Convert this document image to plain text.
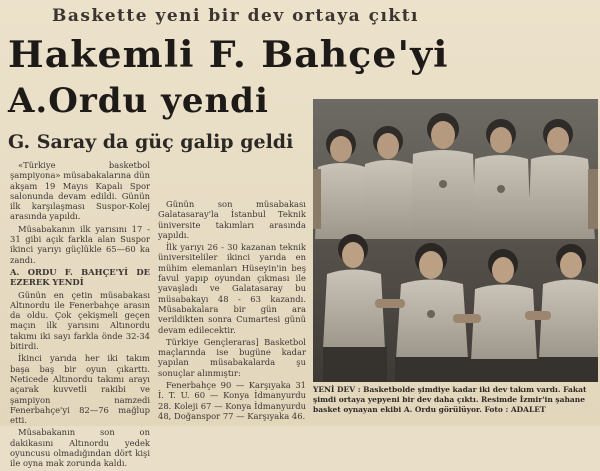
Baskette yeni bir dev ortaya çıktı
Hakemli F. Bahçe'yi
A.Ordu yendi
G. Saray da güç galip geldi

«Türkiye basketbol şampiyona» müsabakalarına dün akşam 19 Mayıs Kapalı Spor salonunda devam edildi. Günün ilk karşılaşması Suspor-Kolej arasında yapıldı.

Müsabakanın ilk yarısını 17 - 31 gibi açık farkla alan Suspor ikinci yarıyı güçlükle 65—60 ka zandı.

A. ORDU F. BAHÇE'Yİ DE EZEREK YENDİ

Günün en çetin müsabakası Altınordu ile Fenerbahçe arasın da oldu. Çok çekişmeli geçen maçın ilk yarısını Altınordu takımı iki sayı farkla önde 32-34 bitirdi.

İkinci yarıda her iki takım başa baş bir oyun çıkarttı. Neticede Altınordu takımı arayı açarak kuvvetli rakibi ve şampiyon namzedi Fenerbahçe'yi 82—76 mağlup etti.

Müsabakanın son on dakikasını Altınordu yedek oyuncusu olmadığından dört kişi ile oyna mak zorunda kaldı.

Günün son müsabakası Galatasaray'la İstanbul Teknik üniversite takımları arasında yapıldı.

İlk yarıyı 26 - 30 kazanan teknik üniversiteliler ikinci yarıda en mühim elemanları Hüseyin'in beş favul yapıp oyundan çıkması ile yavaşladı ve Galatasaray bu müsabakayı 48 - 63 kazandı. Müsabakalara bir gün ara verildikten sonra Cumartesi günü devam edilecektir.

Türkiye Gençleraras] Basketbol maçlarında ise bugüne kadar yapılan müsabakalarda şu sonuçlar alınmıştır:

Fenerbahçe 90 — Karşıyaka 31 İ. T. U. 60 — Konya İdmanyurdu 28. Koleji 67 — Konya İdmanyurdu 48, Doğanspor 77 — Karşıyaka 46.

YENİ DEV : Basketbolde şimdiye kadar iki dev takım vardı. Fakat şimdi ortaya yepyeni bir dev daha çıktı. Resimde İzmir'in şahane basket oynayan ekibi A. Ordu görülüyor. Foto : ADALET
